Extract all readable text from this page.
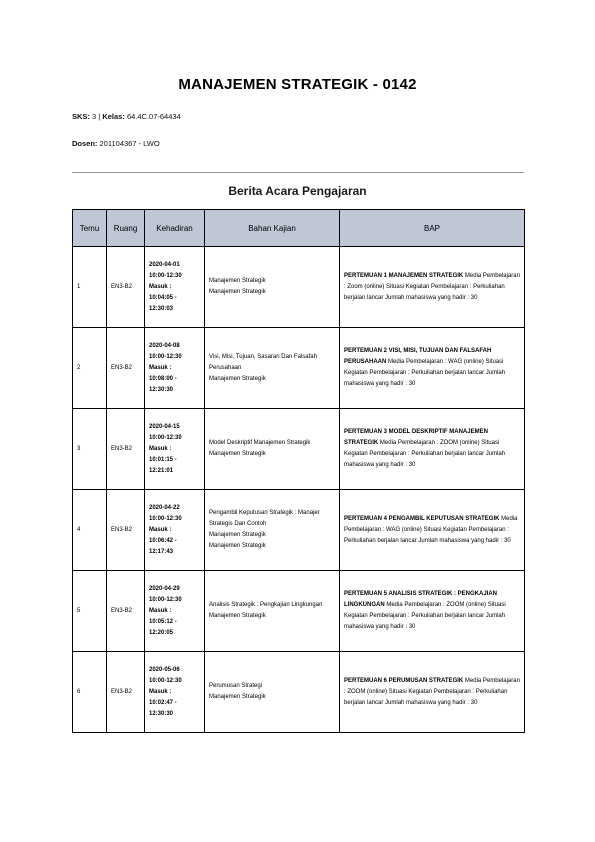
MANAJEMEN STRATEGIK - 0142
SKS: 3 | Kelas: 64.4C.07-64434
Dosen: 201104367 - LWO
Berita Acara Pengajaran
Temu	Ruang	Kehadiran	Bahan Kajian	BAP
1	EN3-B2	2020-04-01
10:00-12:30
Masuk :
10:04:05 -
12:30:03	Manajemen Strategik
Manajemen Strategik	PERTEMUAN 1 MANAJEMEN STRATEGIK Media Pembelajaran : Zoom (online) Situasi Kegiatan Pembelajaran : Perkuliahan berjalan lancar Jumlah mahasiswa yang hadir : 30
2	EN3-B2	2020-04-08
10:00-12:30
Masuk :
10:08:00 -
12:30:30	Visi, Misi, Tujuan, Sasaran Dan Falsafah Perusahaan
Manajemen Strategik	PERTEMUAN 2 VISI, MISI, TUJUAN DAN FALSAFAH PERUSAHAAN Media Pembelajaran : WAG (online) Situasi Kegiatan Pembelajaran : Perkuliahan berjalan lancar Jumlah mahasiswa yang hadir : 30
3	EN3-B2	2020-04-15
10:00-12:30
Masuk :
10:01:15 -
12:21:01	Model Deskriptif Manajemen Strategik
Manajemen Strategik	PERTEMUAN 3 MODEL DESKRIPTIF MANAJEMEN STRATEGIK Media Pembelajaran : ZOOM (online) Situasi Kegiatan Pembelajaran : Perkuliahan berjalan lancar Jumlah mahasiswa yang hadir : 30
4	EN3-B2	2020-04-22
10:00-12:30
Masuk :
10:06:42 -
12:17:43	Pengambil Keputusan Strategik : Manajer Strategis Dan Contoh
Manajemen Strategik
Manajemen Strategik	PERTEMUAN 4 PENGAMBIL KEPUTUSAN STRATEGIK Media Pembelajaran : WAG (online) Situasi Kegiatan Pembelajaran : Perkuliahan berjalan lancar Jumlah mahasiswa yang hadir : 30
5	EN3-B2	2020-04-29
10:00-12:30
Masuk :
10:05:12 -
12:20:05	Analisis Strategik : Pengkajian Lingkungan
Manajemen Strategik	PERTEMUAN 5 ANALISIS STRATEGIK : PENGKAJIAN LINGKUNGAN Media Pembelajaran : ZOOM (online) Situasi Kegiatan Pembelajaran : Perkuliahan berjalan lancar Jumlah mahasiswa yang hadir : 30
6	EN3-B2	2020-05-06
10:00-12:30
Masuk :
10:02:47 -
12:30:30	Perumusan Strategi
Manajemen Strategik	PERTEMUAN 6 PERUMUSAN STRATEGIK Media Pembelajaran : ZOOM (online) Situasi Kegiatan Pembelajaran : Perkuliahan berjalan lancar Jumlah mahasiswa yang hadir : 30
